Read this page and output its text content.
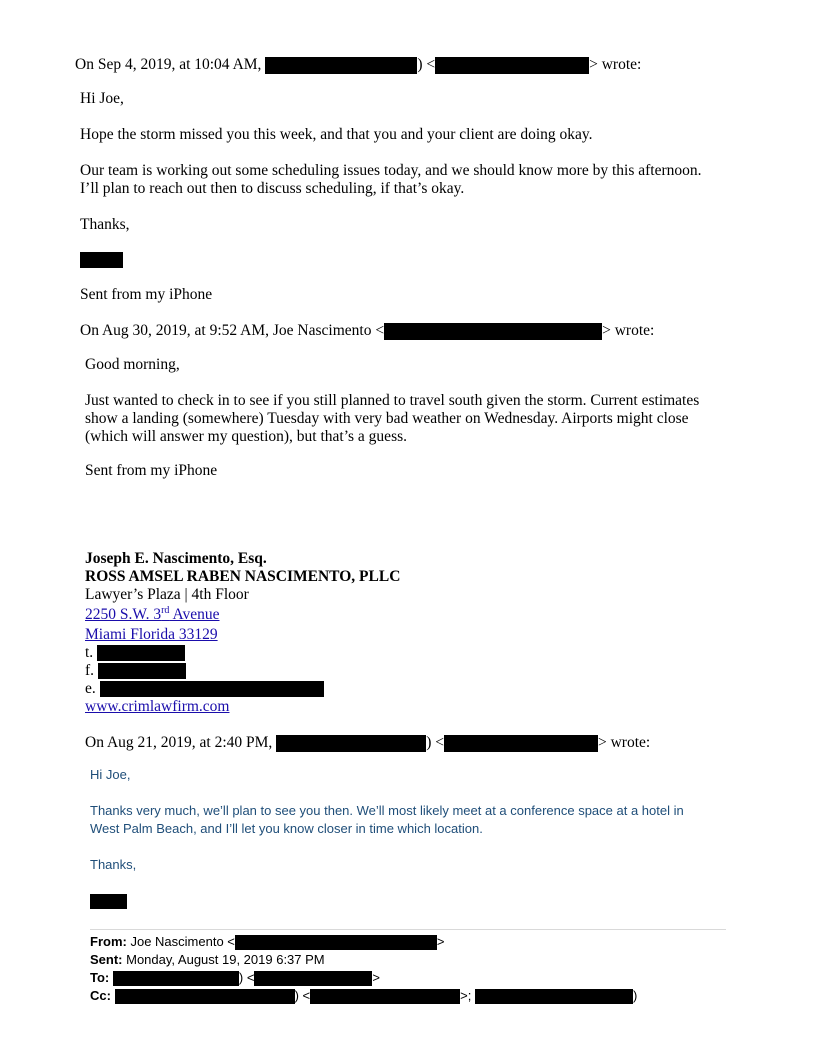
On Sep 4, 2019, at 10:04 AM,	) <	> wrote:
Hi Joe,
Hope the storm missed you this week, and that you and your client are doing okay.
Our team is working out some scheduling issues today, and we should know more by this afternoon.
I’ll plan to reach out then to discuss scheduling, if that’s okay.
Thanks,
Sent from my iPhone
On Aug 30, 2019, at 9:52 AM, Joe Nascimento <	> wrote:
Good morning,
Just wanted to check in to see if you still planned to travel south given the storm. Current estimates
show a landing (somewhere) Tuesday with very bad weather on Wednesday. Airports might close
(which will answer my question), but that’s a guess.
Sent from my iPhone
Joseph E. Nascimento, Esq.
ROSS AMSEL RABEN NASCIMENTO, PLLC
Lawyer’s Plaza | 4th Floor
2250 S.W. 3rd Avenue
Miami Florida 33129
t.
f.
e.
www.crimlawfirm.com
On Aug 21, 2019, at 2:40 PM,	) <	> wrote:
Hi Joe,
Thanks very much, we’ll plan to see you then. We’ll most likely meet at a conference space at a hotel in
West Palm Beach, and I’ll let you know closer in time which location.
Thanks,
From: Joe Nascimento <	>
Sent: Monday, August 19, 2019 6:37 PM
To:	) <	>
Cc:	) <	>;	)
